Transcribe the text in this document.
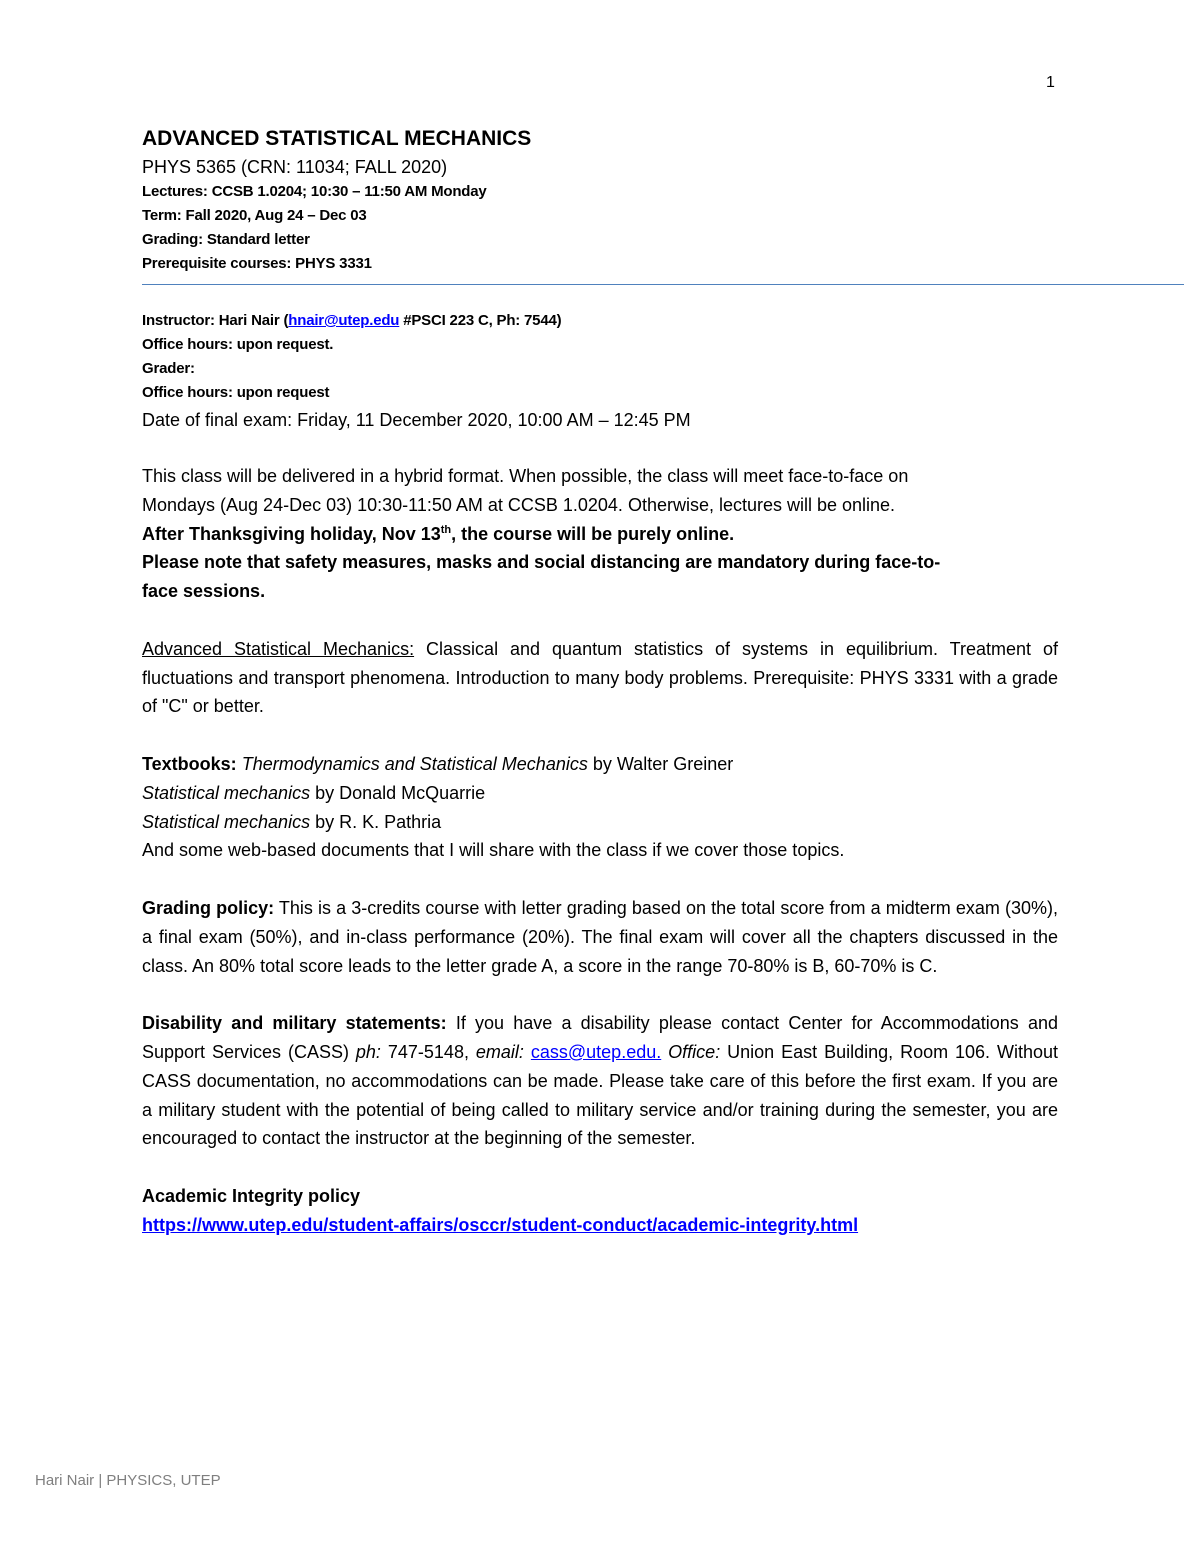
1
ADVANCED STATISTICAL MECHANICS
PHYS 5365 (CRN: 11034; FALL 2020)
Lectures: CCSB 1.0204; 10:30 – 11:50 AM Monday
Term: Fall 2020, Aug 24 – Dec 03
Grading: Standard letter
Prerequisite courses: PHYS 3331
Instructor: Hari Nair (hnair@utep.edu #PSCI 223 C, Ph: 7544)
Office hours: upon request.
Grader:
Office hours: upon request
Date of final exam: Friday, 11 December 2020, 10:00 AM – 12:45 PM
This class will be delivered in a hybrid format. When possible, the class will meet face-to-face on
Mondays (Aug 24-Dec 03) 10:30-11:50 AM at CCSB 1.0204. Otherwise, lectures will be online.
After Thanksgiving holiday, Nov 13th, the course will be purely online.
Please note that safety measures, masks and social distancing are mandatory during face-to-
face sessions.
Advanced Statistical Mechanics: Classical and quantum statistics of systems in equilibrium. Treatment of fluctuations and transport phenomena. Introduction to many body problems. Prerequisite: PHYS 3331 with a grade of "C" or better.
Textbooks: Thermodynamics and Statistical Mechanics by Walter Greiner
Statistical mechanics by Donald McQuarrie
Statistical mechanics by R. K. Pathria
And some web-based documents that I will share with the class if we cover those topics.
Grading policy: This is a 3-credits course with letter grading based on the total score from a midterm exam (30%), a final exam (50%), and in-class performance (20%). The final exam will cover all the chapters discussed in the class. An 80% total score leads to the letter grade A, a score in the range 70-80% is B, 60-70% is C.
Disability and military statements: If you have a disability please contact Center for Accommodations and Support Services (CASS) ph: 747-5148, email: cass@utep.edu. Office: Union East Building, Room 106. Without CASS documentation, no accommodations can be made. Please take care of this before the first exam. If you are a military student with the potential of being called to military service and/or training during the semester, you are encouraged to contact the instructor at the beginning of the semester.
Academic Integrity policy
https://www.utep.edu/student-affairs/osccr/student-conduct/academic-integrity.html
Hari Nair | PHYSICS, UTEP
